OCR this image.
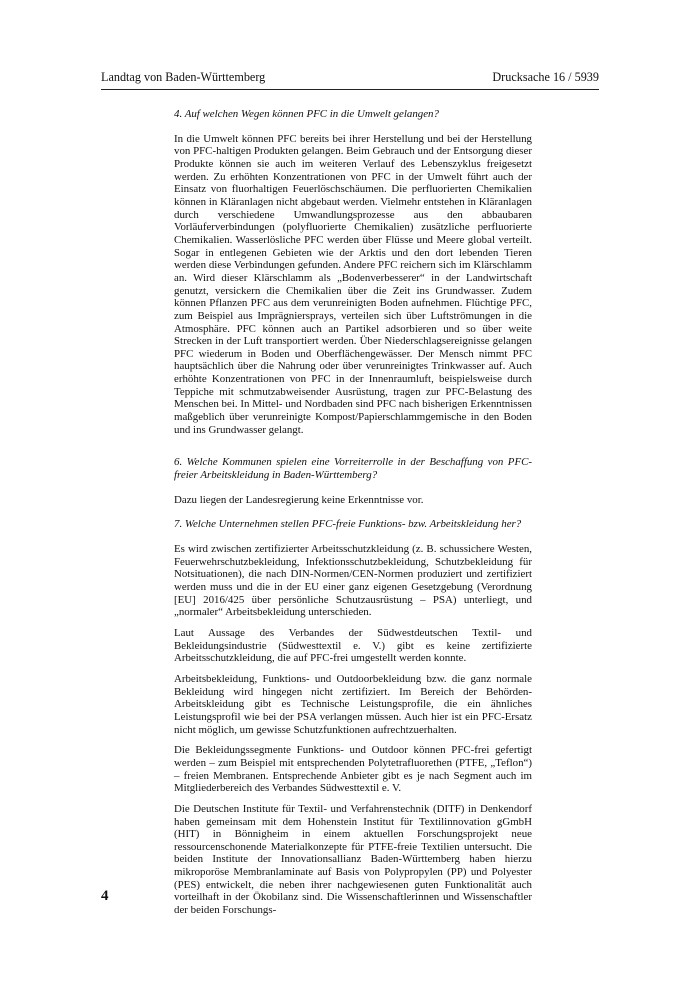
Landtag von Baden-Württemberg	Drucksache 16 / 5939

4. Auf welchen Wegen können PFC in die Umwelt gelangen?

In die Umwelt können PFC bereits bei ihrer Herstellung und bei der Herstellung von PFC-haltigen Produkten gelangen. Beim Gebrauch und der Entsorgung dieser Produkte können sie auch im weiteren Verlauf des Lebenszyklus freigesetzt werden. Zu erhöhten Konzentrationen von PFC in der Umwelt führt auch der Einsatz von fluorhaltigen Feuerlöschschäumen. Die perfluorierten Chemikalien können in Kläranlagen nicht abgebaut werden. Vielmehr entstehen in Kläranlagen durch verschiedene Umwandlungsprozesse aus den abbaubaren Vorläuferverbindungen (polyfluorierte Chemikalien) zusätzliche perfluorierte Chemikalien. Wasserlösliche PFC werden über Flüsse und Meere global verteilt. Sogar in entlegenen Gebieten wie der Arktis und den dort lebenden Tieren werden diese Verbindungen gefunden. Andere PFC reichern sich im Klärschlamm an. Wird dieser Klärschlamm als „Bodenverbesserer“ in der Landwirtschaft genutzt, versickern die Chemikalien über die Zeit ins Grundwasser. Zudem können Pflanzen PFC aus dem verunreinigten Boden aufnehmen. Flüchtige PFC, zum Beispiel aus Imprägniersprays, verteilen sich über Luftströmungen in die Atmosphäre. PFC können auch an Partikel adsorbieren und so über weite Strecken in der Luft transportiert werden. Über Niederschlagsereignisse gelangen PFC wiederum in Boden und Oberflächengewässer. Der Mensch nimmt PFC hauptsächlich über die Nahrung oder über verunreinigtes Trinkwasser auf. Auch erhöhte Konzentrationen von PFC in der Innenraumluft, beispielsweise durch Teppiche mit schmutzabweisender Ausrüstung, tragen zur PFC-Belastung des Menschen bei. In Mittel- und Nordbaden sind PFC nach bisherigen Erkenntnissen maßgeblich über verunreinigte Kompost/Papierschlammgemische in den Boden und ins Grundwasser gelangt.

6. Welche Kommunen spielen eine Vorreiterrolle in der Beschaffung von PFC-freier Arbeitskleidung in Baden-Württemberg?

Dazu liegen der Landesregierung keine Erkenntnisse vor.

7. Welche Unternehmen stellen PFC-freie Funktions- bzw. Arbeitskleidung her?

Es wird zwischen zertifizierter Arbeitsschutzkleidung (z. B. schussichere Westen, Feuerwehrschutzbekleidung, Infektionsschutzbekleidung, Schutzbekleidung für Notsituationen), die nach DIN-Normen/CEN-Normen produziert und zertifiziert werden muss und die in der EU einer ganz eigenen Gesetzgebung (Verordnung [EU] 2016/425 über persönliche Schutzausrüstung – PSA) unterliegt, und „normaler“ Arbeitsbekleidung unterschieden.

Laut Aussage des Verbandes der Südwestdeutschen Textil- und Bekleidungsindustrie (Südwesttextil e. V.) gibt es keine zertifizierte Arbeitsschutzkleidung, die auf PFC-frei umgestellt werden konnte.

Arbeitsbekleidung, Funktions- und Outdoorbekleidung bzw. die ganz normale Bekleidung wird hingegen nicht zertifiziert. Im Bereich der Behörden-Arbeitskleidung gibt es Technische Leistungsprofile, die ein ähnliches Leistungsprofil wie bei der PSA verlangen müssen. Auch hier ist ein PFC-Ersatz nicht möglich, um gewisse Schutzfunktionen aufrechtzuerhalten.

Die Bekleidungssegmente Funktions- und Outdoor können PFC-frei gefertigt werden – zum Beispiel mit entsprechenden Polytetrafluorethen (PTFE, „Teflon“) – freien Membranen. Entsprechende Anbieter gibt es je nach Segment auch im Mitgliederbereich des Verbandes Südwesttextil e. V.

Die Deutschen Institute für Textil- und Verfahrenstechnik (DITF) in Denkendorf haben gemeinsam mit dem Hohenstein Institut für Textilinnovation gGmbH (HIT) in Bönnigheim in einem aktuellen Forschungsprojekt neue ressourcenschonende Materialkonzepte für PTFE-freie Textilien untersucht. Die beiden Institute der Innovationsallianz Baden-Württemberg haben hierzu mikroporöse Membranlaminate auf Basis von Polypropylen (PP) und Polyester (PES) entwickelt, die neben ihrer nachgewiesenen guten Funktionalität auch vorteilhaft in der Ökobilanz sind. Die Wissenschaftlerinnen und Wissenschaftler der beiden Forschungs-

4
